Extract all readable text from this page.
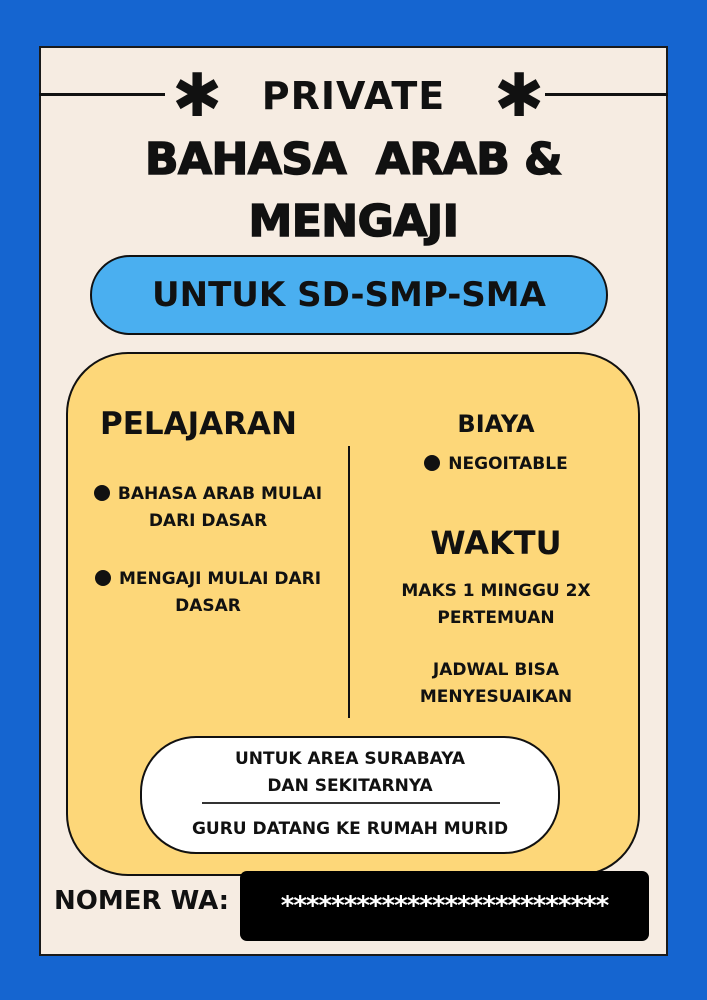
✱	✱
PRIVATE
BAHASA  ARAB &
MENGAJI
UNTUK SD-SMP-SMA
PELAJARAN
BAHASA ARAB MULAI
DARI DASAR
MENGAJI MULAI DARI
DASAR
BIAYA
NEGOITABLE
WAKTU
MAKS 1 MINGGU 2X
PERTEMUAN
JADWAL BISA
MENYESUAIKAN
UNTUK AREA SURABAYA
DAN SEKITARNYA
GURU DATANG KE RUMAH MURID
NOMER WA:	**************************
